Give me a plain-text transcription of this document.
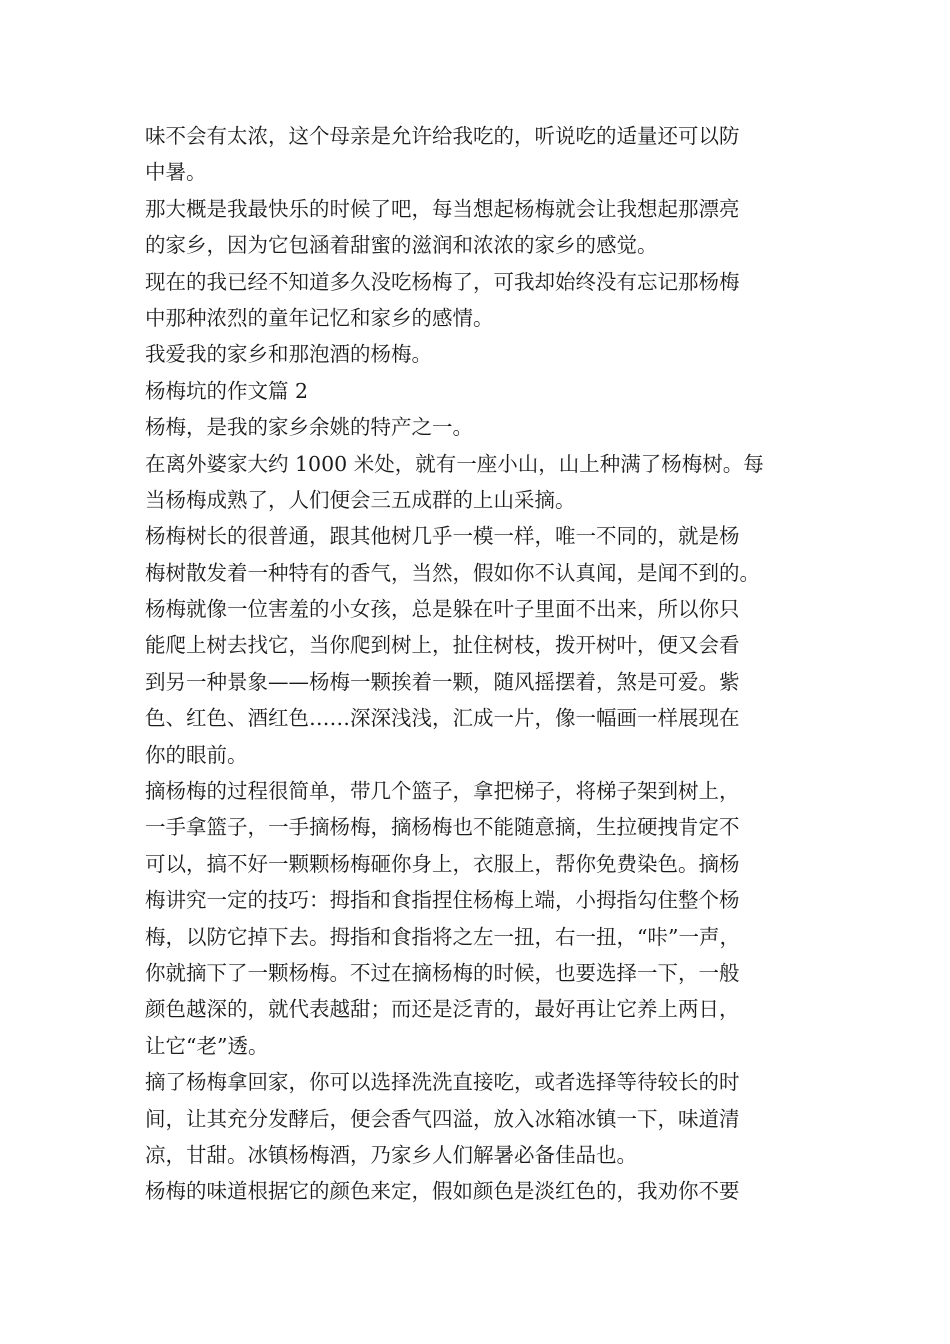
味不会有太浓，这个母亲是允许给我吃的，听说吃的适量还可以防
中暑。
那大概是我最快乐的时候了吧，每当想起杨梅就会让我想起那漂亮
的家乡，因为它包涵着甜蜜的滋润和浓浓的家乡的感觉。
现在的我已经不知道多久没吃杨梅了，可我却始终没有忘记那杨梅
中那种浓烈的童年记忆和家乡的感情。
我爱我的家乡和那泡酒的杨梅。
杨梅坑的作文篇 2
杨梅，是我的家乡余姚的特产之一。
在离外婆家大约 1000 米处，就有一座小山，山上种满了杨梅树。每
当杨梅成熟了，人们便会三五成群的上山采摘。
杨梅树长的很普通，跟其他树几乎一模一样，唯一不同的，就是杨
梅树散发着一种特有的香气，当然，假如你不认真闻，是闻不到的。
杨梅就像一位害羞的小女孩，总是躲在叶子里面不出来，所以你只
能爬上树去找它，当你爬到树上，扯住树枝，拨开树叶，便又会看
到另一种景象——杨梅一颗挨着一颗，随风摇摆着，煞是可爱。紫
色、红色、酒红色……深深浅浅，汇成一片，像一幅画一样展现在
你的眼前。
摘杨梅的过程很简单，带几个篮子，拿把梯子，将梯子架到树上，
一手拿篮子，一手摘杨梅，摘杨梅也不能随意摘，生拉硬拽肯定不
可以，搞不好一颗颗杨梅砸你身上，衣服上，帮你免费染色。摘杨
梅讲究一定的技巧：拇指和食指捏住杨梅上端，小拇指勾住整个杨
梅，以防它掉下去。拇指和食指将之左一扭，右一扭，“咔”一声，
你就摘下了一颗杨梅。不过在摘杨梅的时候，也要选择一下，一般
颜色越深的，就代表越甜；而还是泛青的，最好再让它养上两日，
让它“老”透。
摘了杨梅拿回家，你可以选择洗洗直接吃，或者选择等待较长的时
间，让其充分发酵后，便会香气四溢，放入冰箱冰镇一下，味道清
凉，甘甜。冰镇杨梅酒，乃家乡人们解暑必备佳品也。
杨梅的味道根据它的颜色来定，假如颜色是淡红色的，我劝你不要
